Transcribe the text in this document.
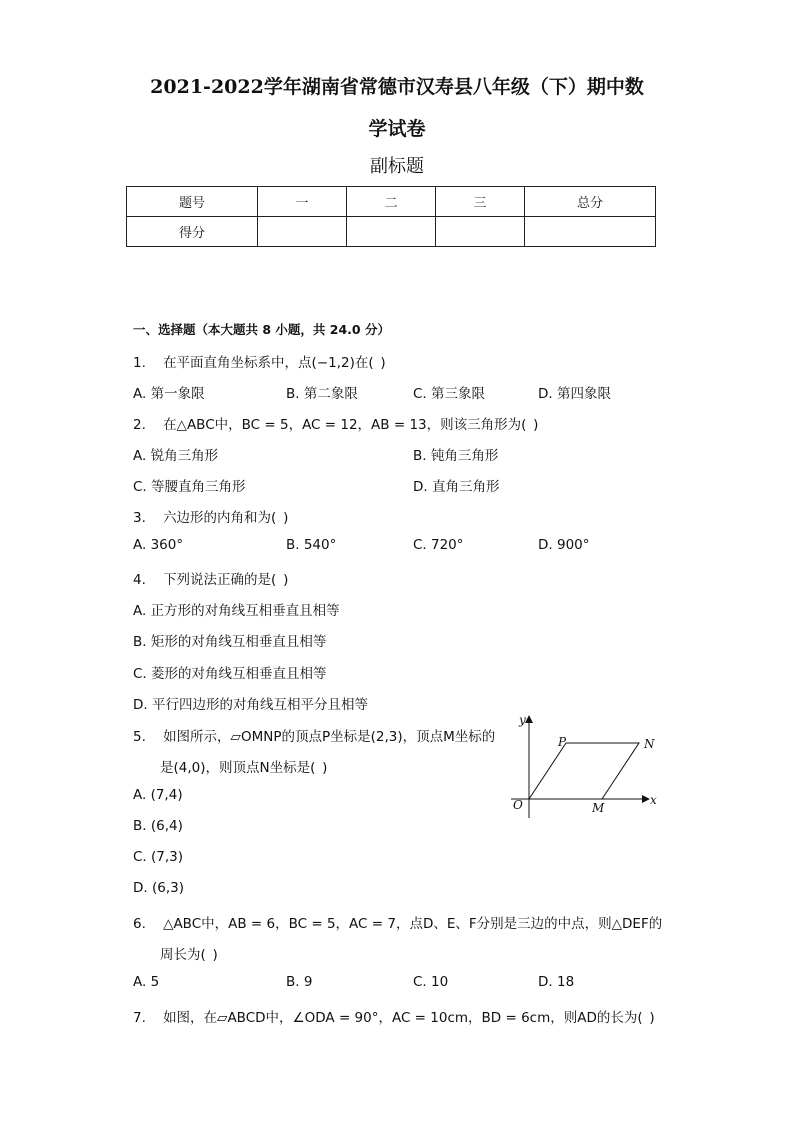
2021-2022学年湖南省常德市汉寿县八年级（下）期中数
学试卷
副标题
题号	一	二	三	总分
得分				
一、选择题（本大题共 8 小题，共 24.0 分）
1. 在平面直角坐标系中，点(−1,2)在( )
A. 第一象限	B. 第二象限	C. 第三象限	D. 第四象限
2. 在△ABC中，BC = 5，AC = 12，AB = 13，则该三角形为( )
A. 锐角三角形	B. 钝角三角形
C. 等腰直角三角形	D. 直角三角形
3. 六边形的内角和为( )
A. 360°	B. 540°	C. 720°	D. 900°
4. 下列说法正确的是( )
A. 正方形的对角线互相垂直且相等
B. 矩形的对角线互相垂直且相等
C. 菱形的对角线互相垂直且相等
D. 平行四边形的对角线互相平分且相等
5. 如图所示，▱OMNP的顶点P坐标是(2,3)，顶点M坐标的
是(4,0)，则顶点N坐标是( )
A. (7,4)
B. (6,4)
C. (7,3)
D. (6,3)
y
x
O
P	N
M
6. △ABC中，AB = 6，BC = 5，AC = 7，点D、E、F分别是三边的中点，则△DEF的
周长为( )
A. 5	B. 9	C. 10	D. 18
7. 如图，在▱ABCD中，∠ODA = 90°，AC = 10cm，BD = 6cm，则AD的长为( )
